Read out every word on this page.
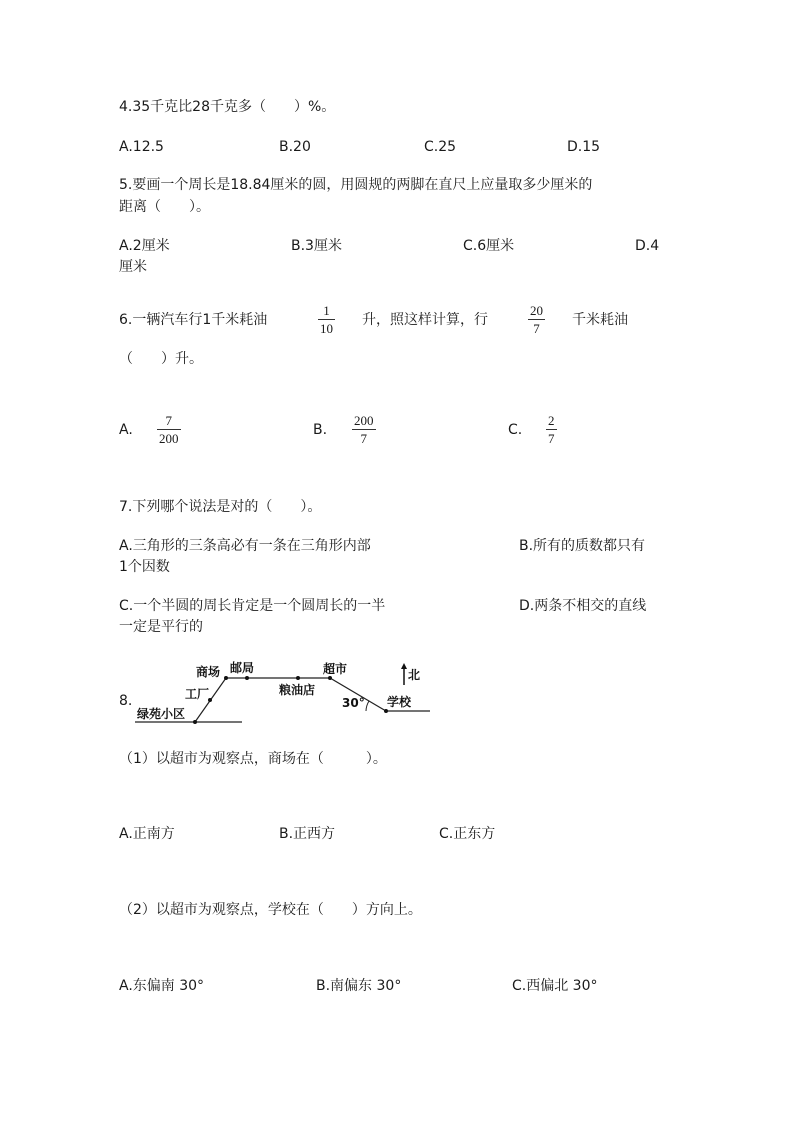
4.35千克比28千克多（　　）%。
A.12.5	B.20	C.25	D.15
5.要画一个周长是18.84厘米的圆，用圆规的两脚在直尺上应量取多少厘米的
距离（　　）。
A.2厘米	B.3厘米	C.6厘米	D.4
厘米
6.一辆汽车行1千米耗油
1
10
升，照这样计算，行
20
7
千米耗油
（　　）升。
A.
7
200
B.
200
7
C.
2
7
7.下列哪个说法是对的（　　）。
A.三角形的三条高必有一条在三角形内部	B.所有的质数都只有
1个因数
C.一个半圆的周长肯定是一个圆周长的一半	D.两条不相交的直线
一定是平行的
8.
商场 邮局	超市	北
工厂	粮油店
30° 学校
绿苑小区
（1）以超市为观察点，商场在（　　　）。
A.正南方	B.正西方	C.正东方
（2）以超市为观察点，学校在（　　）方向上。
A.东偏南 30°	B.南偏东 30°	C.西偏北 30°
